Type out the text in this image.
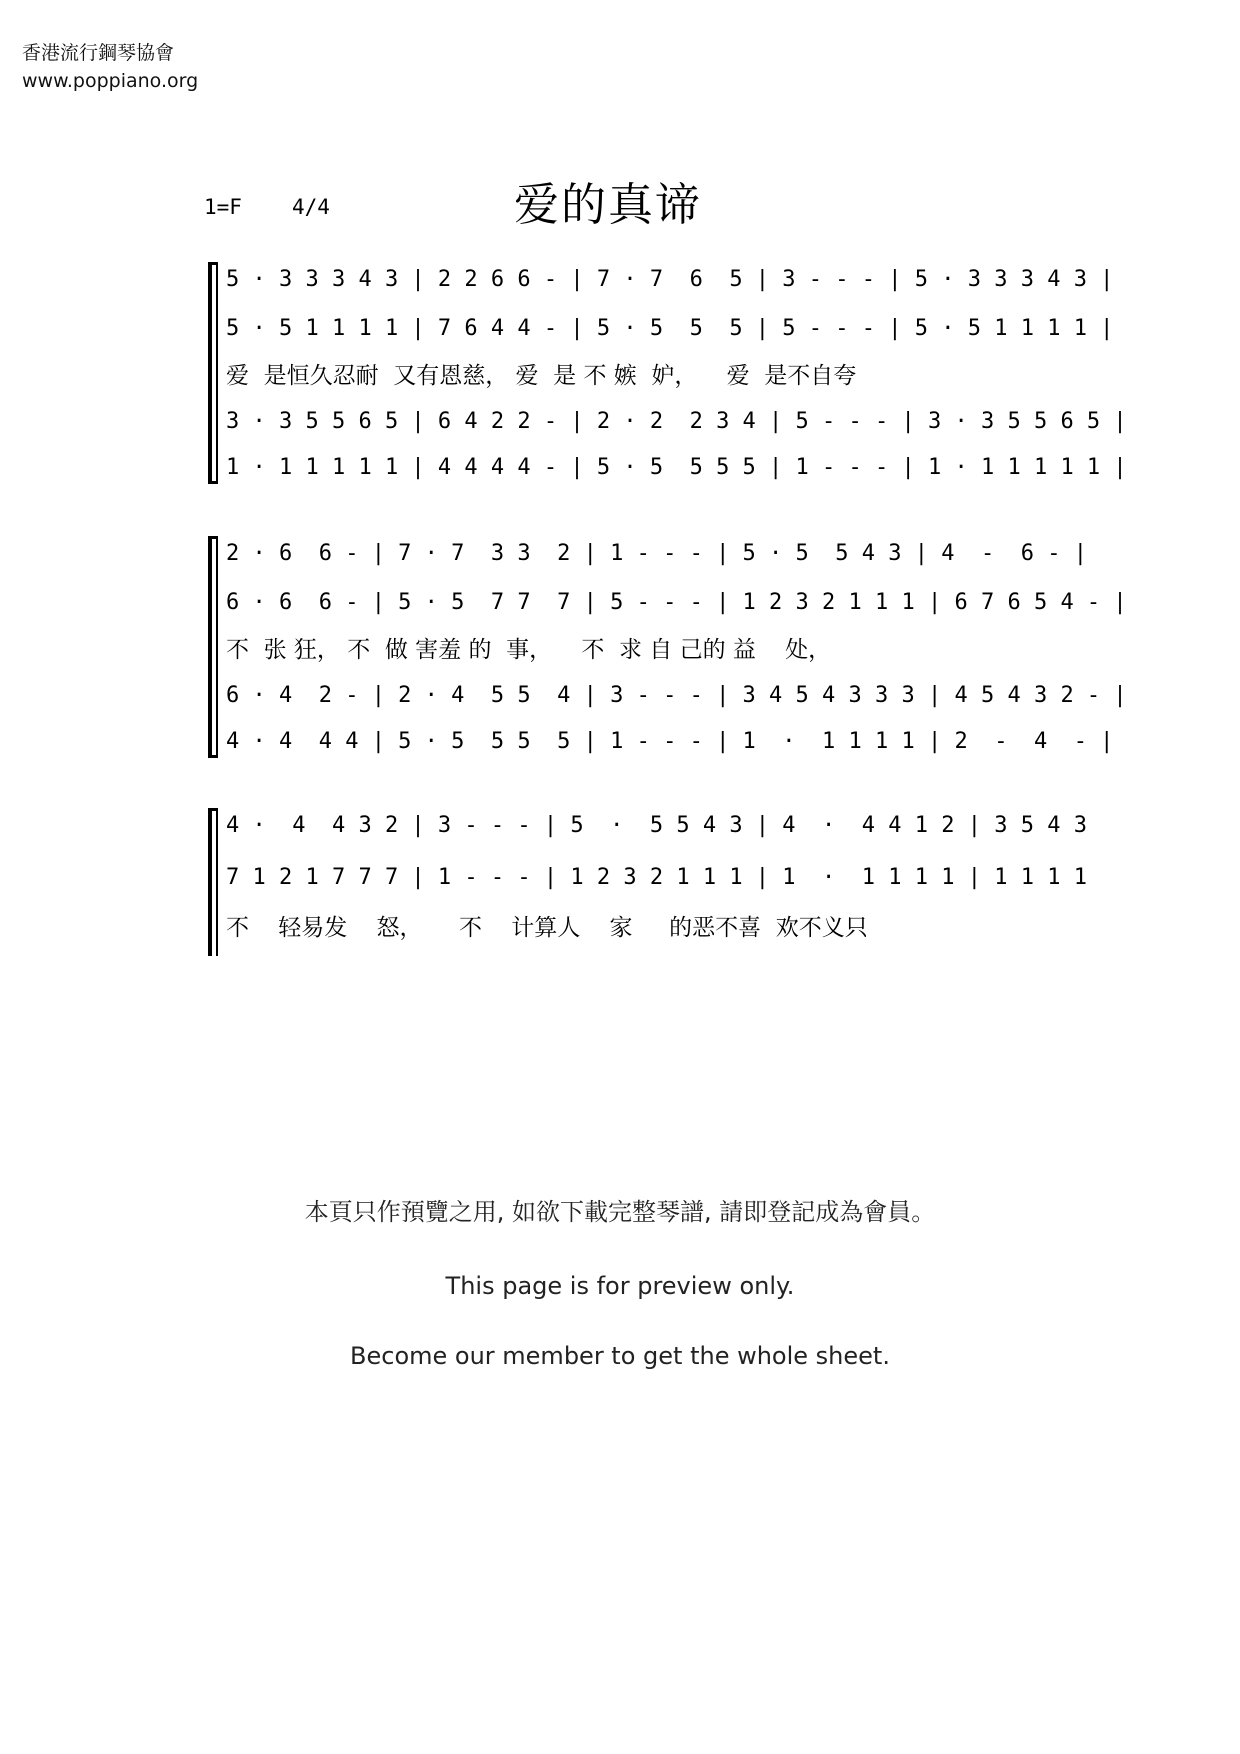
香港流行鋼琴協會
www.poppiano.org
1=F 4/4	爱的真谛
5 · 3 3 3 4 3 | 2 2 6 6 - | 7 · 7  6  5 | 3 - - - | 5 · 3 3 3 4 3 |
5 · 5 1 1 1 1 | 7 6 4 4 - | 5 · 5  5  5 | 5 - - - | 5 · 5 1 1 1 1 |
爱  是恒久忍耐  又有恩慈， 爱  是 不 嫉  妒，    爱  是不自夸
3 · 3 5 5 6 5 | 6 4 2 2 - | 2 · 2  2 3 4 | 5 - - - | 3 · 3 5 5 6 5 |
1 · 1 1 1 1 1 | 4 4 4 4 - | 5 · 5  5 5 5 | 1 - - - | 1 · 1 1 1 1 1 |
2 · 6  6 - | 7 · 7  3 3  2 | 1 - - - | 5 · 5  5 4 3 | 4  -  6 - |
6 · 6  6 - | 5 · 5  7 7  7 | 5 - - - | 1 2 3 2 1 1 1 | 6 7 6 5 4 - |
不  张 狂， 不  做 害羞 的  事，    不  求 自 己的 益    处，
6 · 4  2 - | 2 · 4  5 5  4 | 3 - - - | 3 4 5 4 3 3 3 | 4 5 4 3 2 - |
4 · 4  4 4 | 5 · 5  5 5  5 | 1 - - - | 1  ·  1 1 1 1 | 2  -  4  - |
4 ·  4  4 3 2 | 3 - - - | 5  ·  5 5 4 3 | 4  ·  4 4 1 2 | 3 5 4 3
7 1 2 1 7 7 7 | 1 - - - | 1 2 3 2 1 1 1 | 1  ·  1 1 1 1 | 1 1 1 1
不    轻易发    怒，     不    计算人    家     的恶不喜  欢不义只
本頁只作預覽之用, 如欲下載完整琴譜, 請即登記成為會員。
This page is for preview only.
Become our member to get the whole sheet.
